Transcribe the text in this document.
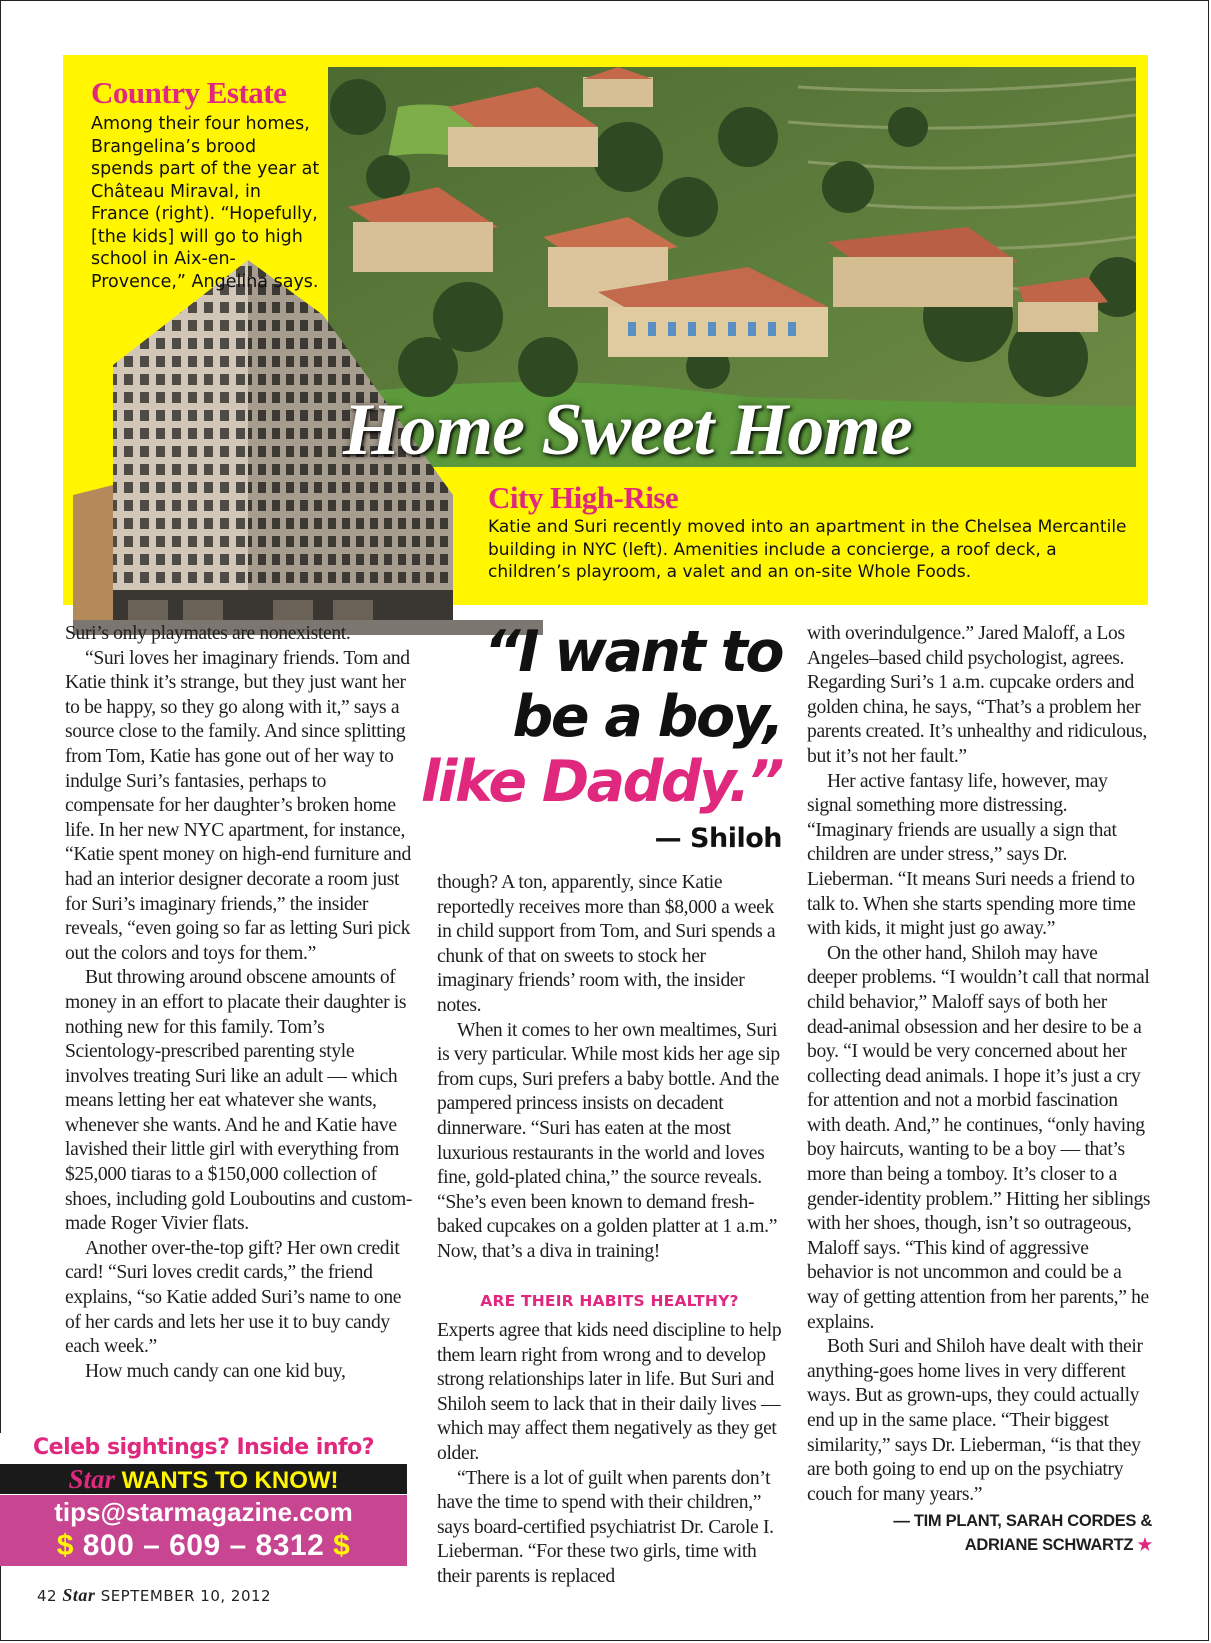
Country Estate
Among their four homes, Brangelina’s brood spends part of the year at Château Miraval, in France (right). “Hopefully, [the kids] will go to high school in Aix-en-Provence,” Angelina says.
Home Sweet Home
City High-Rise
Katie and Suri recently moved into an apartment in the Chelsea Mercantile building in NYC (left). Amenities include a concierge, a roof deck, a children’s playroom, a valet and an on-site Whole Foods.

Suri’s only playmates are nonexistent.

“Suri loves her imaginary friends. Tom and Katie think it’s strange, but they just want her to be happy, so they go along with it,” says a source close to the family. And since splitting from Tom, Katie has gone out of her way to indulge Suri’s fantasies, perhaps to compensate for her daughter’s broken home life. In her new NYC apartment, for instance, “Katie spent money on high-end furniture and had an interior designer decorate a room just for Suri’s imaginary friends,” the insider reveals, “even going so far as letting Suri pick out the colors and toys for them.”

But throwing around obscene amounts of money in an effort to placate their daughter is nothing new for this family. Tom’s Scientology-prescribed parenting style involves treating Suri like an adult — which means letting her eat whatever she wants, whenever she wants. And he and Katie have lavished their little girl with everything from $25,000 tiaras to a $150,000 collection of shoes, including gold Louboutins and custom-made Roger Vivier flats.

Another over-the-top gift? Her own credit card! “Suri loves credit cards,” the friend explains, “so Katie added Suri’s name to one of her cards and lets her use it to buy candy each week.”

How much candy can one kid buy,

“I want to
be a boy,
like Daddy.”
— Shiloh

though? A ton, apparently, since Katie reportedly receives more than $8,000 a week in child support from Tom, and Suri spends a chunk of that on sweets to stock her imaginary friends’ room with, the insider notes.

When it comes to her own mealtimes, Suri is very particular. While most kids her age sip from cups, Suri prefers a baby bottle. And the pampered princess insists on decadent dinnerware. “Suri has eaten at the most luxurious restaurants in the world and loves fine, gold-plated china,” the source reveals. “She’s even been known to demand fresh-baked cupcakes on a golden platter at 1 a.m.” Now, that’s a diva in training!

ARE THEIR HABITS HEALTHY?

Experts agree that kids need discipline to help them learn right from wrong and to develop strong relationships later in life. But Suri and Shiloh seem to lack that in their daily lives — which may affect them negatively as they get older.

“There is a lot of guilt when parents don’t have the time to spend with their children,” says board-certified psychiatrist Dr. Carole I. Lieberman. “For these two girls, time with their parents is replaced

with overindulgence.” Jared Maloff, a Los Angeles–based child psychologist, agrees. Regarding Suri’s 1 a.m. cupcake orders and golden china, he says, “That’s a problem her parents created. It’s unhealthy and ridiculous, but it’s not her fault.”

Her active fantasy life, however, may signal something more distressing. “Imaginary friends are usually a sign that children are under stress,” says Dr. Lieberman. “It means Suri needs a friend to talk to. When she starts spending more time with kids, it might just go away.”

On the other hand, Shiloh may have deeper problems. “I wouldn’t call that normal child behavior,” Maloff says of both her dead-animal obsession and her desire to be a boy. “I would be very concerned about her collecting dead animals. I hope it’s just a cry for attention and not a morbid fascination with death. And,” he continues, “only having boy haircuts, wanting to be a boy — that’s more than being a tomboy. It’s closer to a gender-identity problem.” Hitting her siblings with her shoes, though, isn’t so outrageous, Maloff says. “This kind of aggressive behavior is not uncommon and could be a way of getting attention from her parents,” he explains.

Both Suri and Shiloh have dealt with their anything-goes home lives in very different ways. But as grown-ups, they could actually end up in the same place. “Their biggest similarity,” says Dr. Lieberman, “is that they are both going to end up on the psychiatry couch for many years.”

— TIM PLANT, SARAH CORDES &
ADRIANE SCHWARTZ ★
Celeb sightings? Inside info?
Star WANTS TO KNOW!
tips@starmagazine.com
$ 800 – 609 – 8312 $
42 Star SEPTEMBER 10, 2012
